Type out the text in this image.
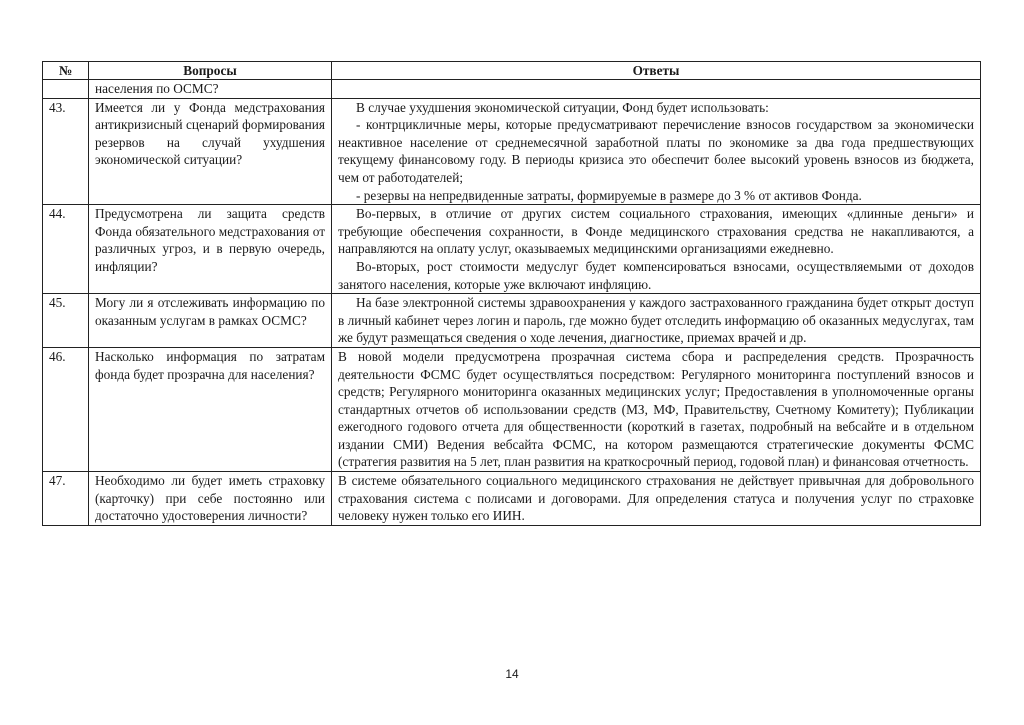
№	Вопросы	Ответы
	населения по ОСМС?	
43.	Имеется ли у Фонда медстрахования антикризисный сценарий формирования резервов на случай ухудшения экономической ситуации?	В случае ухудшения экономической ситуации, Фонд будет использовать:
- контрцикличные меры, которые предусматривают перечисление взносов государством за экономически неактивное население от среднемесячной заработной платы по экономике за два года предшествующих текущему финансовому году. В периоды кризиса это обеспечит более высокий уровень взносов из бюджета, чем от работодателей;
- резервы на непредвиденные затраты, формируемые в размере до 3 % от активов Фонда.

44.	Предусмотрена ли защита средств Фонда обязательного медстрахования от различных угроз, и в первую очередь, инфляции?	Во-первых, в отличие от других систем социального страхования, имеющих «длинные деньги» и требующие обеспечения сохранности, в Фонде медицинского страхования средства не накапливаются, а направляются на оплату услуг, оказываемых медицинскими организациями ежедневно.
Во-вторых, рост стоимости медуслуг будет компенсироваться взносами, осуществляемыми от доходов занятого населения, которые уже включают инфляцию.

45.	Могу ли я отслеживать информацию по оказанным услугам в рамках ОСМС?	На базе электронной системы здравоохранения у каждого застрахованного гражданина будет открыт доступ в личный кабинет через логин и пароль, где можно будет отследить информацию об оказанных медуслугах, там же будут размещаться сведения о ходе лечения, диагностике, приемах врачей и др.

46.	Насколько информация по затратам фонда будет прозрачна для населения?	В новой модели предусмотрена прозрачная система сбора и распределения средств. Прозрачность деятельности ФСМС будет осуществляться посредством: Регулярного мониторинга поступлений взносов и средств; Регулярного мониторинга оказанных медицинских услуг; Предоставления в уполномоченные органы стандартных отчетов об использовании средств (МЗ, МФ, Правительству, Счетному Комитету); Публикации ежегодного годового отчета для общественности (короткий в газетах, подробный на вебсайте и в отдельном издании СМИ) Ведения вебсайта ФСМС, на котором размещаются стратегические документы ФСМС (стратегия развития на 5 лет, план развития на краткосрочный период, годовой план) и финансовая отчетность.

47.	Необходимо ли будет иметь страховку (карточку) при себе постоянно или достаточно удостоверения личности?	В системе обязательного социального медицинского страхования не действует привычная для добровольного страхования система с полисами и договорами. Для определения статуса и получения услуг по страховке человеку нужен только его ИИН.
14
